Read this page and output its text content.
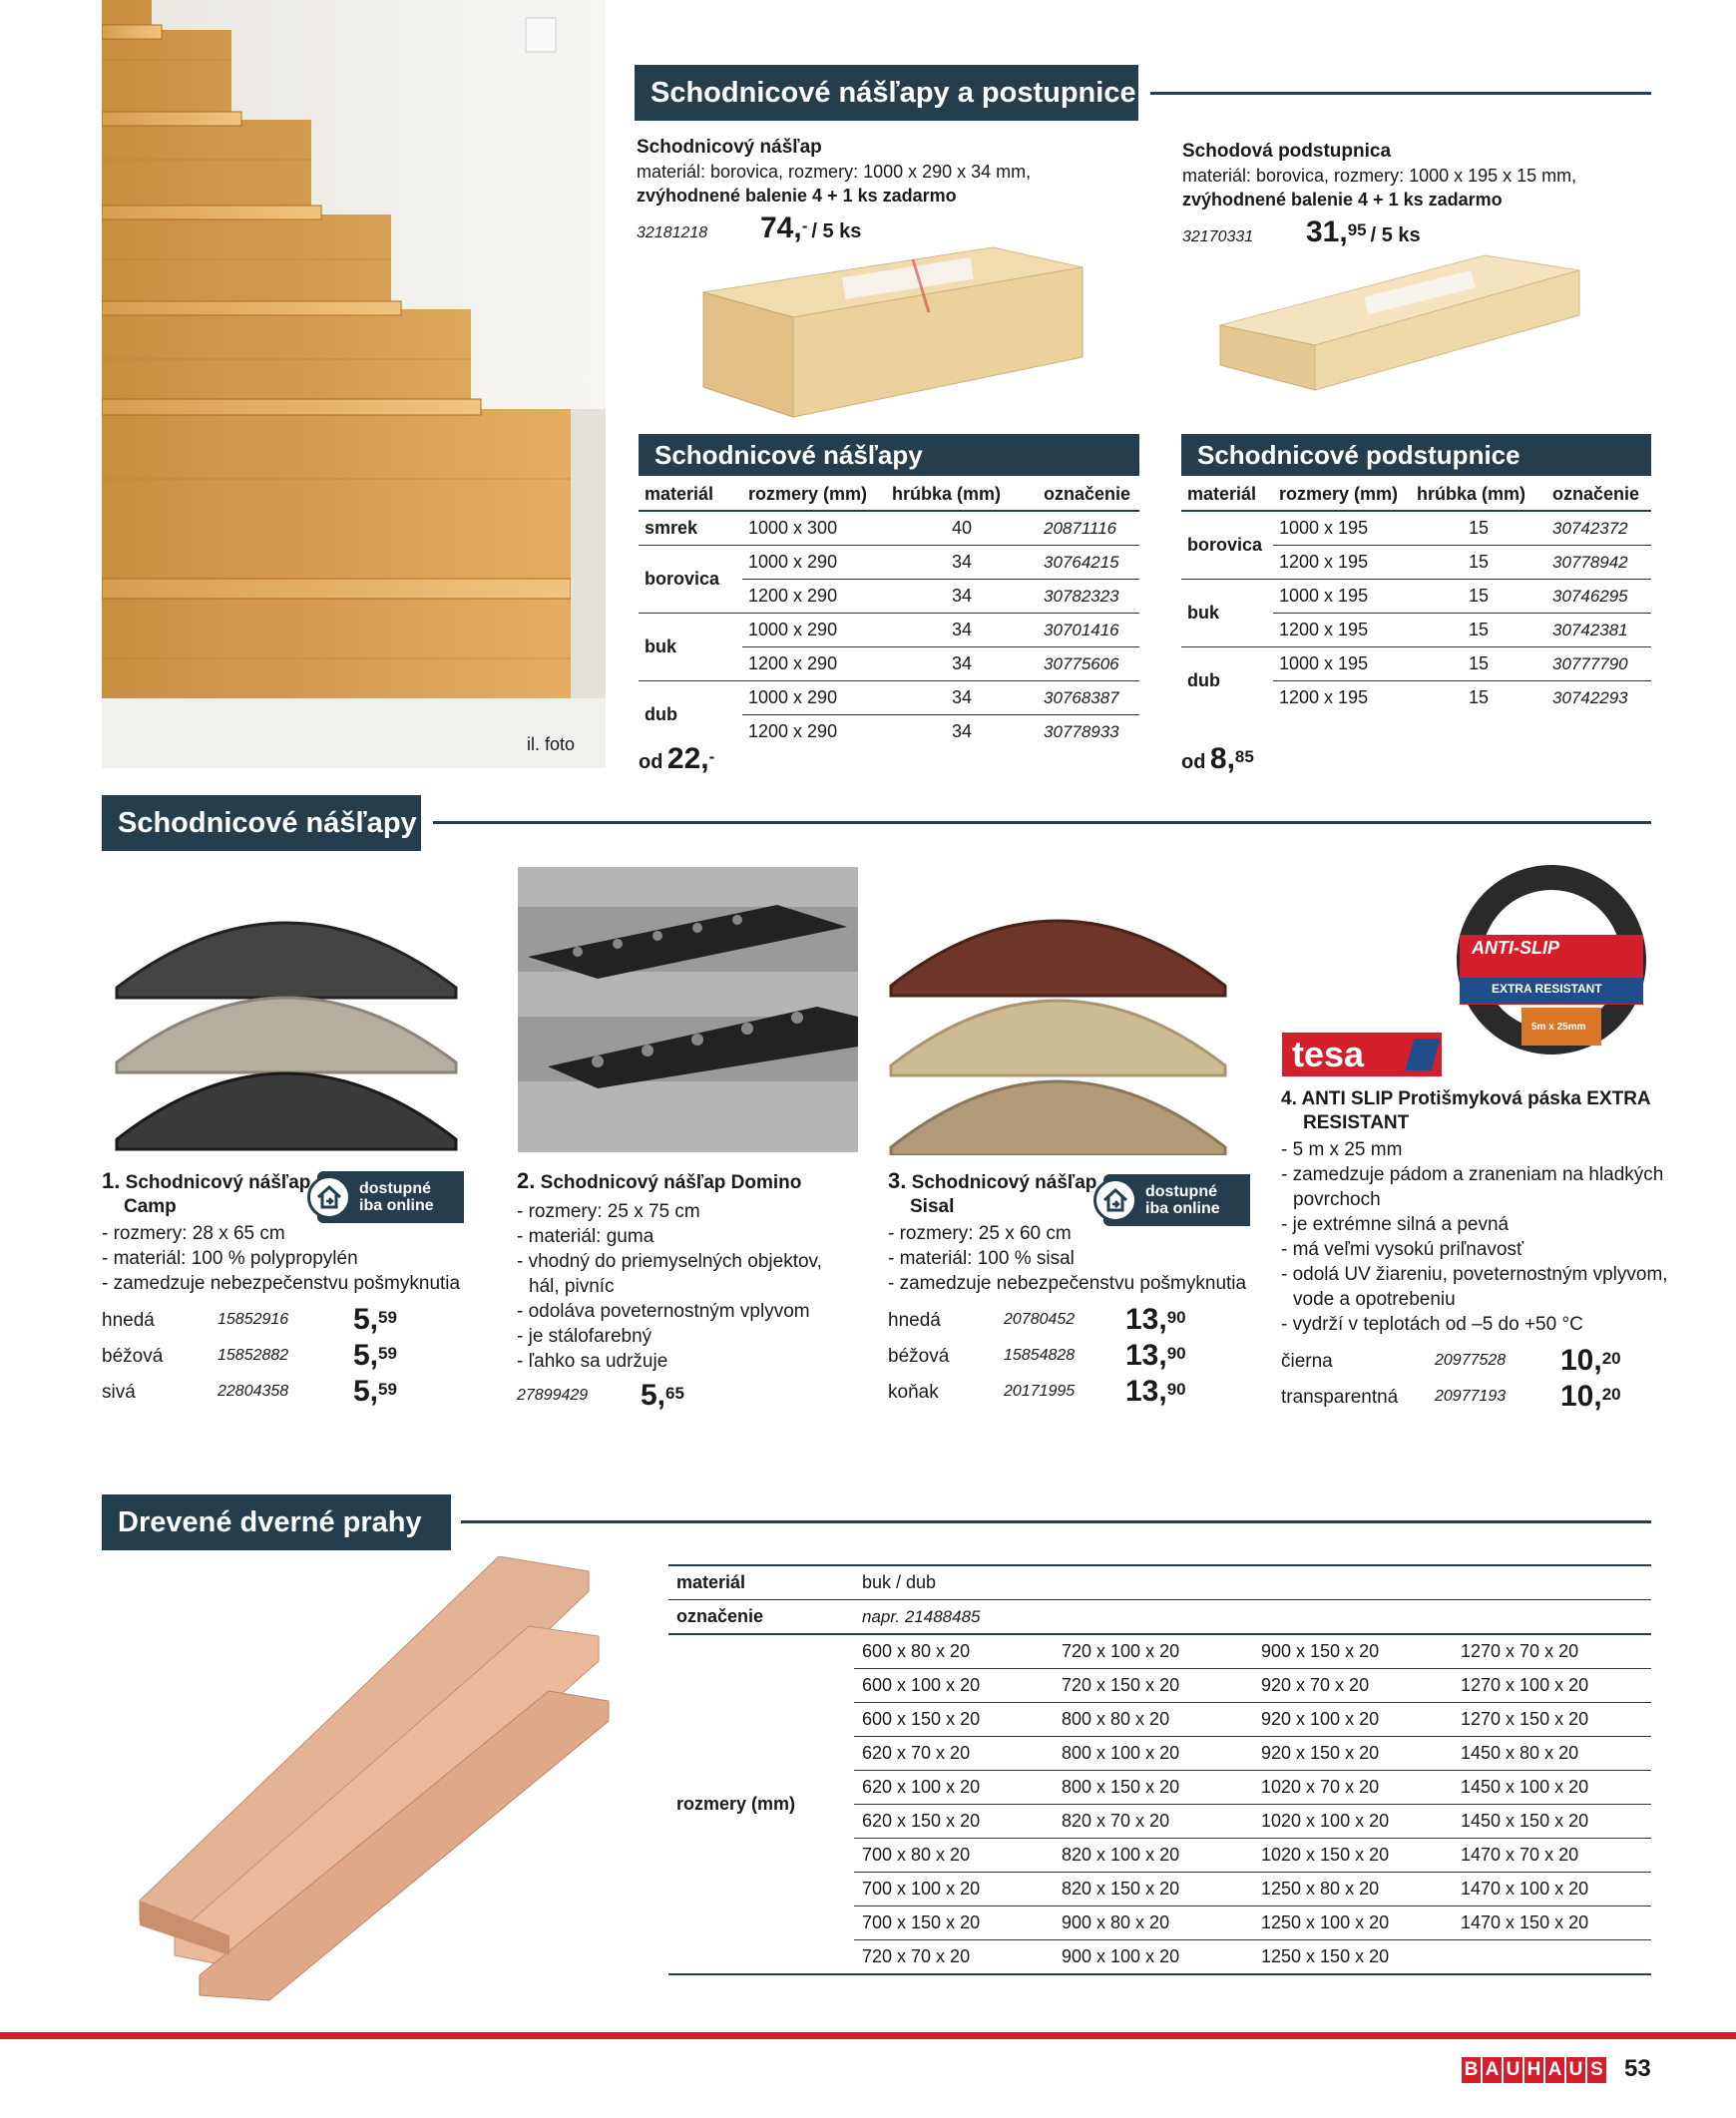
il. foto
Schodnicové nášľapy a postupnice
Schodnicový nášľap
materiál: borovica, rozmery: 1000 x 290 x 34 mm,
zvýhodnené balenie 4 + 1 ks zadarmo
32181218	74,- / 5 ks
Schodová podstupnica
materiál: borovica, rozmery: 1000 x 195 x 15 mm,
zvýhodnené balenie 4 + 1 ks zadarmo
32170331	31,95 / 5 ks
Schodnicové nášľapy
materiál	rozmery (mm)	hrúbka (mm)	označenie
smrek	1000 x 300	40	20871116
borovica	1000 x 290	34	30764215
	1200 x 290	34	30782323
buk	1000 x 290	34	30701416
	1200 x 290	34	30775606
dub	1000 x 290	34	30768387
	1200 x 290	34	30778933
od 22,-
Schodnicové podstupnice
materiál	rozmery (mm)	hrúbka (mm)	označenie
borovica	1000 x 195	15	30742372
	1200 x 195	15	30778942
buk	1000 x 195	15	30746295
	1200 x 195	15	30742381
dub	1000 x 195	15	30777790
	1200 x 195	15	30742293
od 8,85
Schodnicové nášľapy
ANTI-SLIP
EXTRA RESISTANT
5m x 25mm
tesa
1. Schodnicový nášľap
Camp
- rozmery: 28 x 65 cm
- materiál: 100 % polypropylén
- zamedzuje nebezpečenstvu pošmyknutia
hnedá	15852916	5,59
béžová	15852882	5,59
sivá	22804358	5,59
dostupné
iba online
2. Schodnicový nášľap Domino
- rozmery: 25 x 75 cm
- materiál: guma
- vhodný do priemyselných objektov, hál, pivníc
- odoláva poveternostným vplyvom
- je stálofarebný
- ľahko sa udržuje
27899429	5,65
3. Schodnicový nášľap
Sisal
- rozmery: 25 x 60 cm
- materiál: 100 % sisal
- zamedzuje nebezpečenstvu pošmyknutia
hnedá	20780452	13,90
béžová	15854828	13,90
koňak	20171995	13,90
dostupné
iba online
4. ANTI SLIP Protišmyková páska EXTRA
RESISTANT
- 5 m x 25 mm
- zamedzuje pádom a zraneniam na hladkých povrchoch
- je extrémne silná a pevná
- má veľmi vysokú priľnavosť
- odolá UV žiareniu, poveternostným vplyvom, vode a opotrebeniu
- vydrží v teplotách od –5 do +50 °C
čierna	20977528	10,20
transparentná	20977193	10,20
Drevené dverné prahy
materiál	buk / dub			
označenie	napr. 21488485			
rozmery (mm)	600 x 80 x 20	720 x 100 x 20	900 x 150 x 20	1270 x 70 x 20
	600 x 100 x 20	720 x 150 x 20	920 x 70 x 20	1270 x 100 x 20
	600 x 150 x 20	800 x 80 x 20	920 x 100 x 20	1270 x 150 x 20
	620 x 70 x 20	800 x 100 x 20	920 x 150 x 20	1450 x 80 x 20
	620 x 100 x 20	800 x 150 x 20	1020 x 70 x 20	1450 x 100 x 20
	620 x 150 x 20	820 x 70 x 20	1020 x 100 x 20	1450 x 150 x 20
	700 x 80 x 20	820 x 100 x 20	1020 x 150 x 20	1470 x 70 x 20
	700 x 100 x 20	820 x 150 x 20	1250 x 80 x 20	1470 x 100 x 20
	700 x 150 x 20	900 x 80 x 20	1250 x 100 x 20	1470 x 150 x 20
	720 x 70 x 20	900 x 100 x 20	1250 x 150 x 20	
B A U H A U S 53
